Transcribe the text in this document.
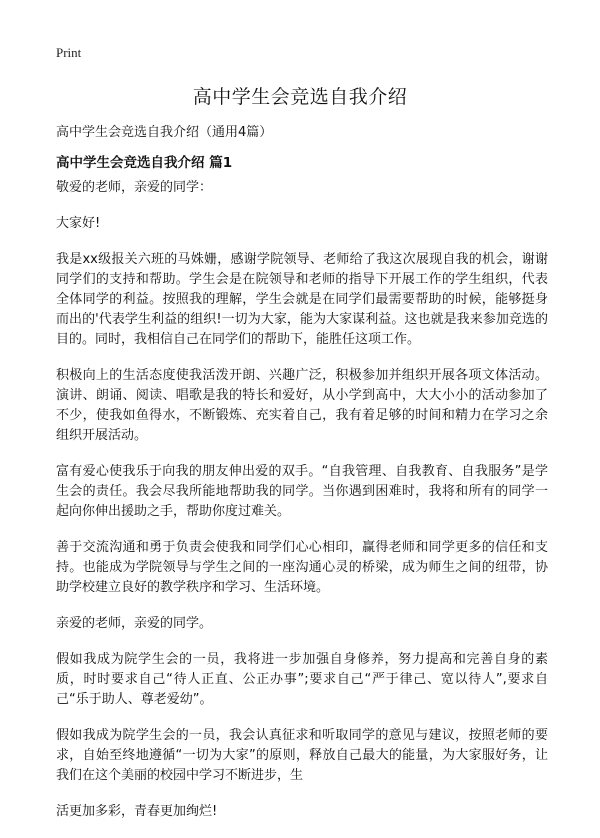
Print
高中学生会竞选自我介绍

高中学生会竞选自我介绍（通用4篇）

高中学生会竞选自我介绍 篇1

敬爱的老师，亲爱的同学：

大家好!

我是xx级报关六班的马姝姗，感谢学院领导、老师给了我这次展现自我的机会，谢谢同学们的支持和帮助。学生会是在院领导和老师的指导下开展工作的学生组织，代表全体同学的利益。按照我的理解，学生会就是在同学们最需要帮助的时候，能够挺身而出的'代表学生利益的组织!一切为大家，能为大家谋利益。这也就是我来参加竞选的目的。同时，我相信自己在同学们的帮助下，能胜任这项工作。

积极向上的生活态度使我活泼开朗、兴趣广泛，积极参加并组织开展各项文体活动。演讲、朗诵、阅读、唱歌是我的特长和爱好，从小学到高中，大大小小的活动参加了不少，使我如鱼得水，不断锻炼、充实着自己，我有着足够的时间和精力在学习之余组织开展活动。

富有爱心使我乐于向我的朋友伸出爱的双手。“自我管理、自我教育、自我服务”是学生会的责任。我会尽我所能地帮助我的同学。当你遇到困难时，我将和所有的同学一起向你伸出援助之手，帮助你度过难关。

善于交流沟通和勇于负责会使我和同学们心心相印，赢得老师和同学更多的信任和支持。也能成为学院领导与学生之间的一座沟通心灵的桥梁，成为师生之间的纽带，协助学校建立良好的教学秩序和学习、生活环境。

亲爱的老师，亲爱的同学。

假如我成为院学生会的一员，我将进一步加强自身修养，努力提高和完善自身的素质，时时要求自己“待人正直、公正办事”;要求自己“严于律己、宽以待人”,要求自己“乐于助人、尊老爱幼”。

假如我成为院学生会的一员，我会认真征求和听取同学的意见与建议，按照老师的要求，自始至终地遵循“一切为大家”的原则，释放自己最大的能量，为大家服好务，让我们在这个美丽的校园中学习不断进步，生

活更加多彩，青春更加绚烂!
